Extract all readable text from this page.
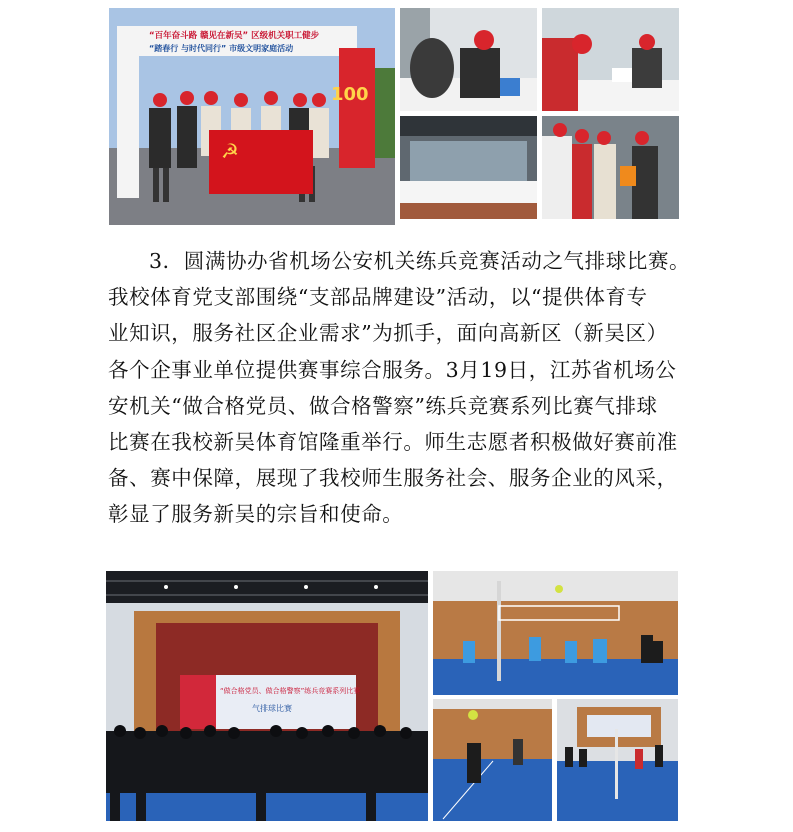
100
“百年奋斗路 赣见在新吴” 区级机关职工健步
“踏春行 与时代同行” 市级文明家庭活动
☭

3．圆满协办省机场公安机关练兵竞赛活动之气排球比赛。

我校体育党支部围绕“支部品牌建设”活动，以“提供体育专

业知识，服务社区企业需求”为抓手，面向高新区（新吴区）

各个企事业单位提供赛事综合服务。3月19日，江苏省机场公

安机关“做合格党员、做合格警察”练兵竞赛系列比赛气排球

比赛在我校新吴体育馆隆重举行。师生志愿者积极做好赛前准

备、赛中保障，展现了我校师生服务社会、服务企业的风采，

彰显了服务新吴的宗旨和使命。

“做合格党员、做合格警察”练兵竞赛系列比赛
气排球比赛
